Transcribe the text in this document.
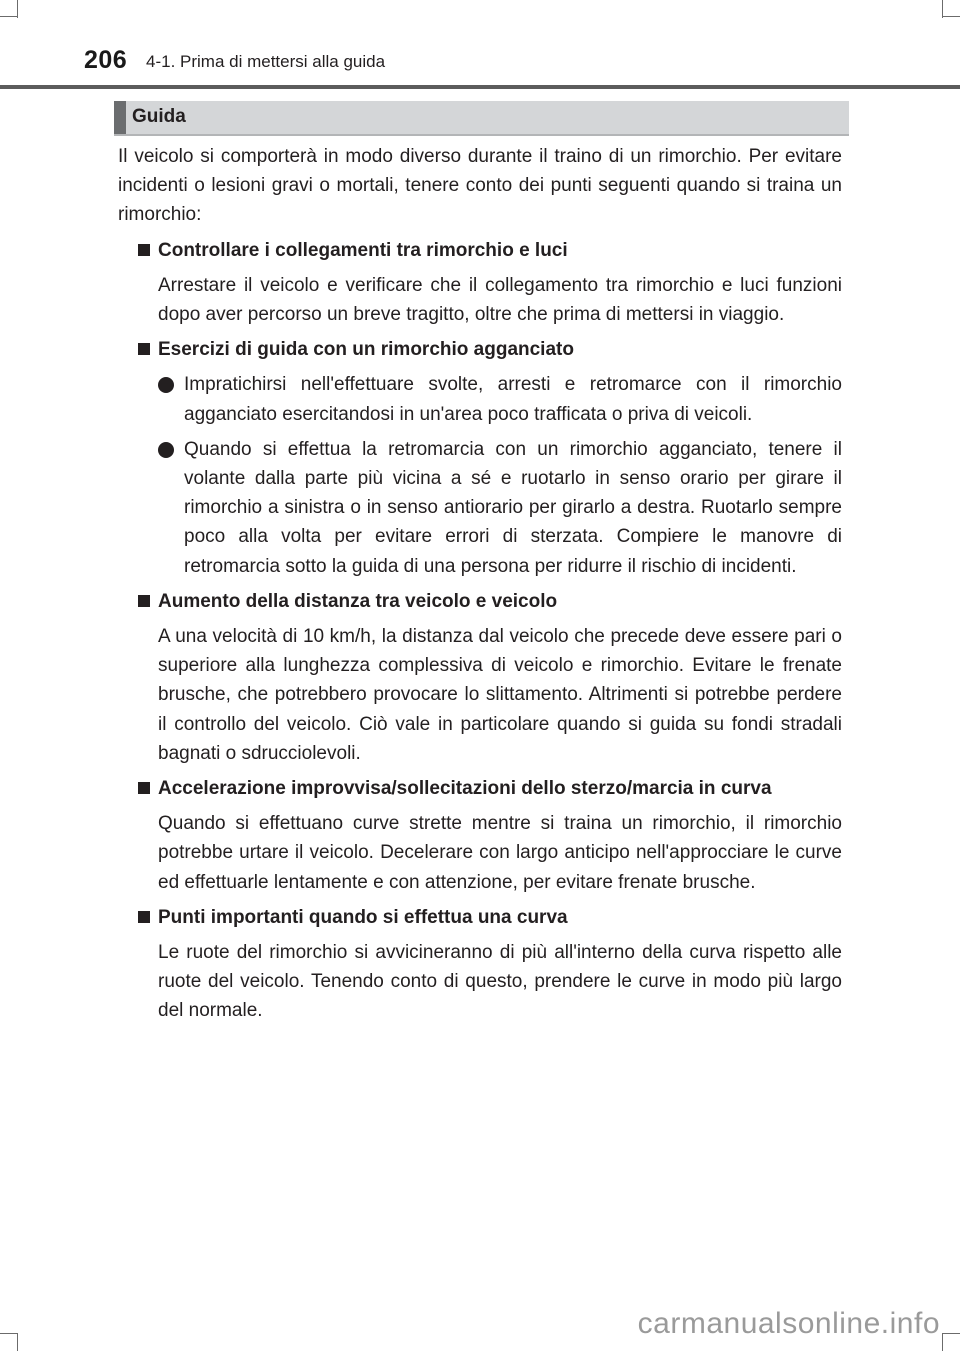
206 4-1. Prima di mettersi alla guida
Guida

Il veicolo si comporterà in modo diverso durante il traino di un rimorchio. Per evitare incidenti o lesioni gravi o mortali, tenere conto dei punti seguenti quando si traina un rimorchio:

Controllare i collegamenti tra rimorchio e luci

Arrestare il veicolo e verificare che il collegamento tra rimorchio e luci funzioni dopo aver percorso un breve tragitto, oltre che prima di mettersi in viaggio.

Esercizi di guida con un rimorchio agganciato

Impratichirsi nell'effettuare svolte, arresti e retromarce con il rimorchio agganciato esercitandosi in un'area poco trafficata o priva di veicoli.

Quando si effettua la retromarcia con un rimorchio agganciato, tenere il volante dalla parte più vicina a sé e ruotarlo in senso orario per girare il rimorchio a sinistra o in senso antiorario per girarlo a destra. Ruotarlo sempre poco alla volta per evitare errori di sterzata. Compiere le manovre di retromarcia sotto la guida di una persona per ridurre il rischio di incidenti.

Aumento della distanza tra veicolo e veicolo

A una velocità di 10 km/h, la distanza dal veicolo che precede deve essere pari o superiore alla lunghezza complessiva di veicolo e rimorchio. Evitare le frenate brusche, che potrebbero provocare lo slittamento. Altrimenti si potrebbe perdere il controllo del veicolo. Ciò vale in particolare quando si guida su fondi stradali bagnati o sdrucciolevoli.

Accelerazione improvvisa/sollecitazioni dello sterzo/marcia in curva

Quando si effettuano curve strette mentre si traina un rimorchio, il rimorchio potrebbe urtare il veicolo. Decelerare con largo anticipo nell'approcciare le curve ed effettuarle lentamente e con attenzione, per evitare frenate brusche.

Punti importanti quando si effettua una curva

Le ruote del rimorchio si avvicineranno di più all'interno della curva rispetto alle ruote del veicolo. Tenendo conto di questo, prendere le curve in modo più largo del normale.

carmanualsonline.info
